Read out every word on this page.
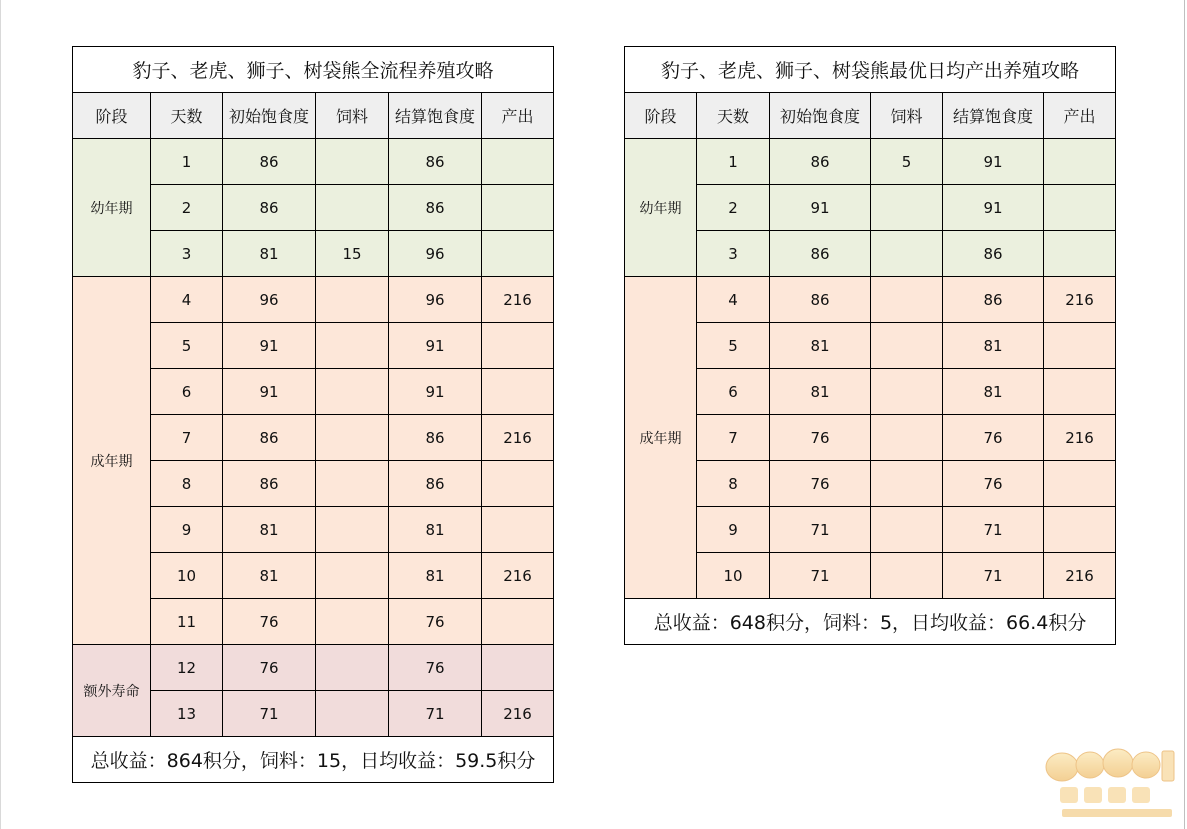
豹子、老虎、狮子、树袋熊全流程养殖攻略					
阶段	天数	初始饱食度	饲料	结算饱食度	产出
幼年期	1	86		86	
	2	86		86	
	3	81	15	96	
成年期	4	96		96	216
	5	91		91	
	6	91		91	
	7	86		86	216
	8	86		86	
	9	81		81	
	10	81		81	216
	11	76		76	
额外寿命	12	76		76	
	13	71		71	216
总收益：864积分，饲料：15，日均收益：59.5积分					
豹子、老虎、狮子、树袋熊最优日均产出养殖攻略					
阶段	天数	初始饱食度	饲料	结算饱食度	产出
幼年期	1	86	5	91	
	2	91		91	
	3	86		86	
成年期	4	86		86	216
	5	81		81	
	6	81		81	
	7	76		76	216
	8	76		76	
	9	71		71	
	10	71		71	216
总收益：648积分，饲料：5，日均收益：66.4积分					
